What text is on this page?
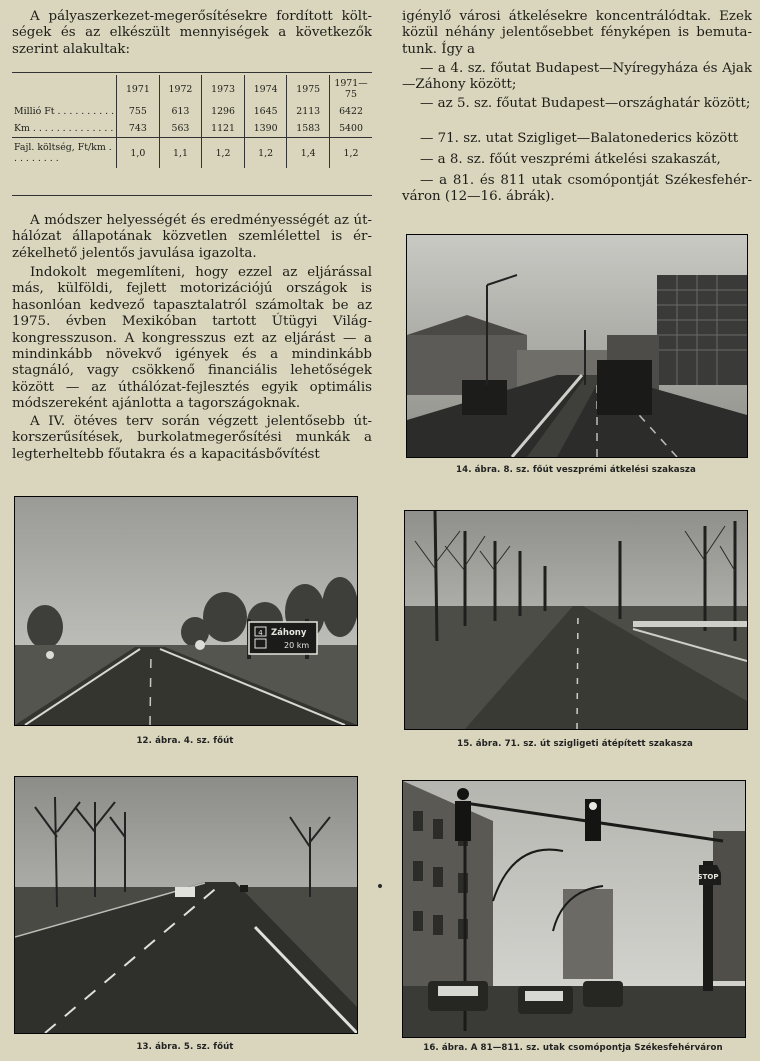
A pályaszerkezet-megerősítésekre fordított költségek és az elkészült mennyiségek a következők szerint alakultak:

	1971	1972	1973	1974	1975	1971—75
Millió Ft . . . . . . . . . .	755	613	1296	1645	2113	6422
Km . . . . . . . . . . . . . .	743	563	1121	1390	1583	5400
Fajl. költség, Ft/km . . . . . . . . .	1,0	1,1	1,2	1,2	1,4	1,2

A módszer helyességét és eredményességét az úthálózat állapotának közvetlen szemlélettel is érzékelhető jelentős javulása igazolta.

Indokolt megemlíteni, hogy ezzel az eljárással más, külföldi, fejlett motorizációjú országok is hasonlóan kedvező tapasztalatról számoltak be az 1975. évben Mexikóban tartott Útügyi Világkongresszuson. A kongresszus ezt az eljárást — a mindinkább növekvő igények és a mindinkább stagnáló, vagy csökkenő financiális lehetőségek között — az úthálózat-fejlesztés egyik optimális módszereként ajánlotta a tagországoknak.

A IV. ötéves terv során végzett jelentősebb útkorszerűsítések, burkolatmegerősítési munkák a legterheltebb főutakra és a kapacitásbővítést

igénylő városi átkelésekre koncentrálódtak. Ezek közül néhány jelentősebbet fényképen is bemutatunk. Így a

— a 4. sz. főutat Budapest—Nyíregyháza és Ajak—Záhony között;
— az 5. sz. főutat Budapest—országhatár között;
— 71. sz. utat Szigliget—Balatonederics között
— a 8. sz. főút veszprémi átkelési szakaszát,
— a 81. és 811 utak csomópontját Székesfehérváron (12—16. ábrák).
14. ábra. 8. sz. főút veszprémi átkelési szakasza
4 Záhony
20 km
12. ábra. 4. sz. főút	15. ábra. 71. sz. út szigligeti átépített szakasza
13. ábra. 5. sz. főút
STOP
16. ábra. A 81—811. sz. utak csomópontja Székesfehérváron
